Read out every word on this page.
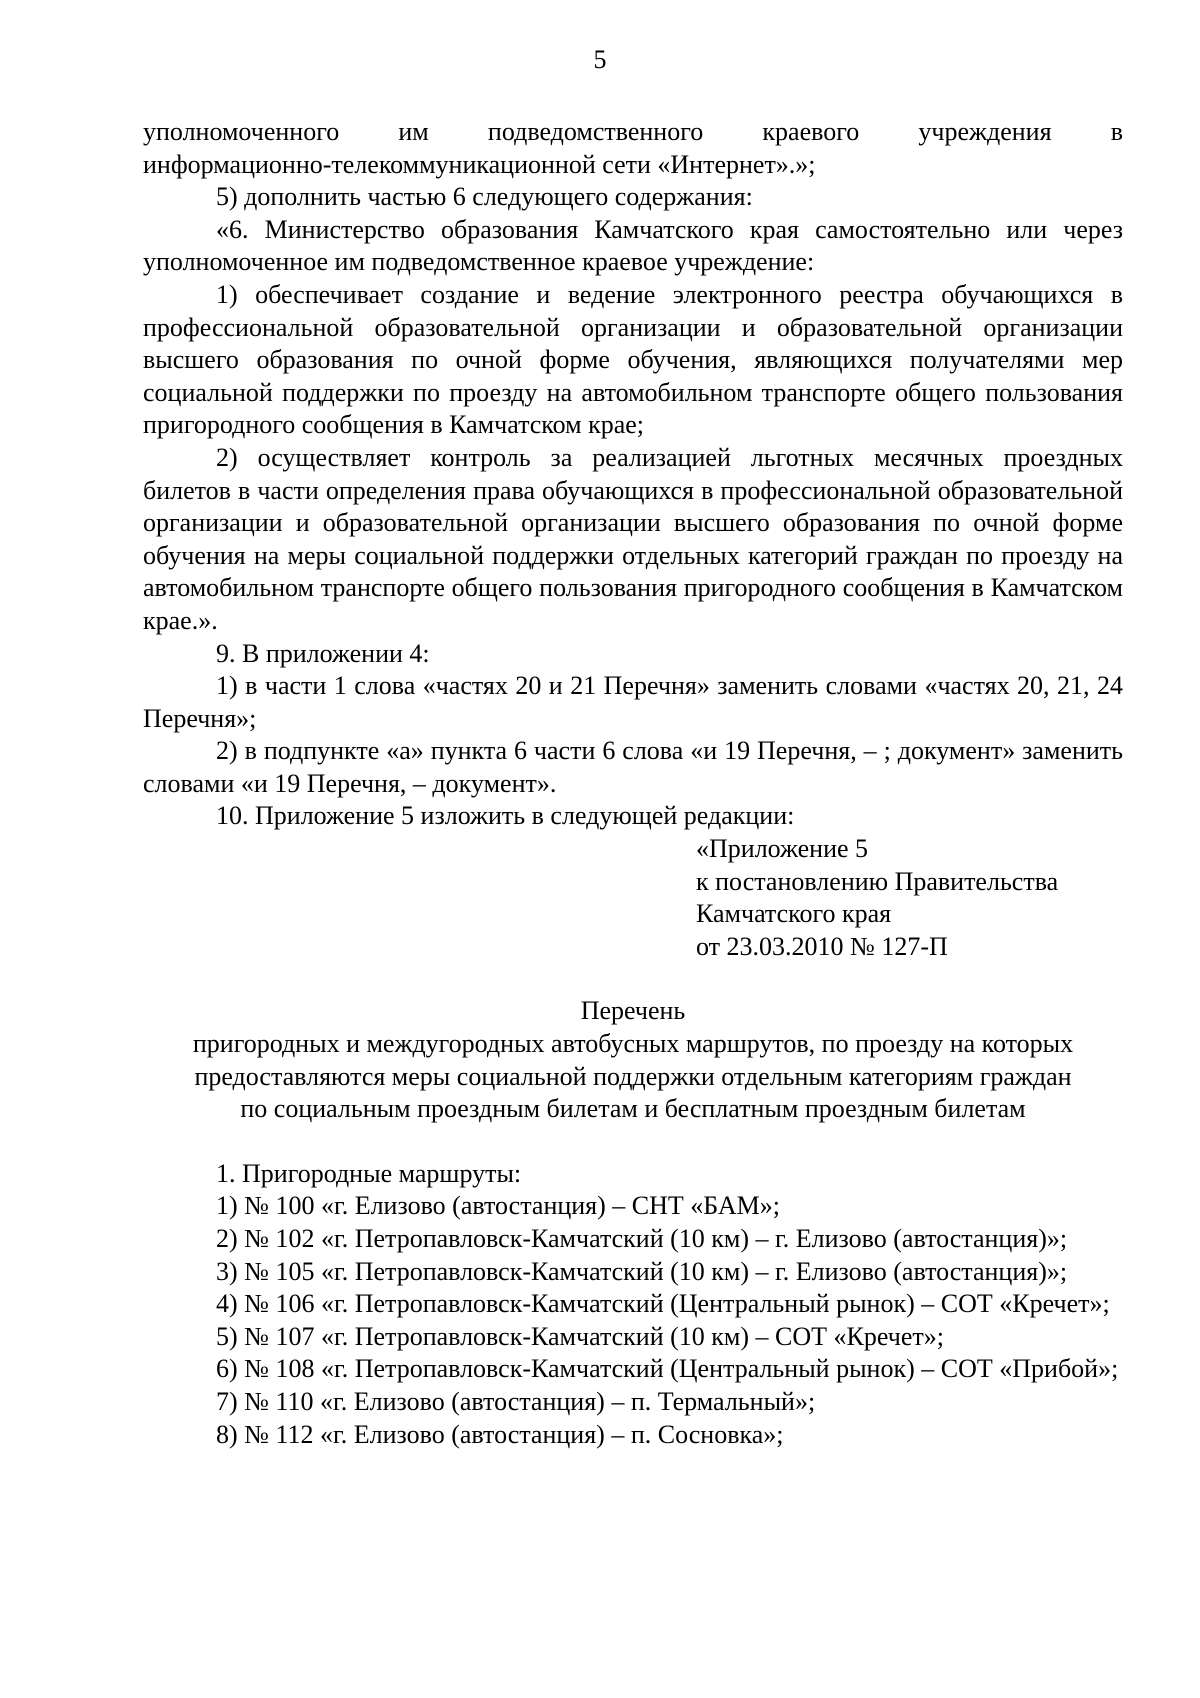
5

уполномоченного им подведомственного краевого учреждения в

информационно-телекоммуникационной сети «Интернет».»;

5) дополнить частью 6 следующего содержания:

«6. Министерство образования Камчатского края самостоятельно или через уполномоченное им подведомственное краевое учреждение:

1) обеспечивает создание и ведение электронного реестра обучающихся в профессиональной образовательной организации и образовательной организации высшего образования по очной форме обучения, являющихся получателями мер социальной поддержки по проезду на автомобильном транспорте общего пользования пригородного сообщения в Камчатском крае;

2) осуществляет контроль за реализацией льготных месячных проездных билетов в части определения права обучающихся в профессиональной образовательной организации и образовательной организации высшего образования по очной форме обучения на меры социальной поддержки отдельных категорий граждан по проезду на автомобильном транспорте общего пользования пригородного сообщения в Камчатском крае.».

9. В приложении 4:

1) в части 1 слова «частях 20 и 21 Перечня» заменить словами «частях 20, 21, 24 Перечня»;

2) в подпункте «а» пункта 6 части 6 слова «и 19 Перечня, – ; документ» заменить словами «и 19 Перечня, – документ».

10. Приложение 5 изложить в следующей редакции:

«Приложение 5

к постановлению Правительства

Камчатского края

от 23.03.2010 № 127-П

Перечень

пригородных и междугородных автобусных маршрутов, по проезду на которых

предоставляются меры социальной поддержки отдельным категориям граждан

по социальным проездным билетам и бесплатным проездным билетам

1. Пригородные маршруты:

1) № 100 «г. Елизово (автостанция) – СНТ «БАМ»;

2) № 102 «г. Петропавловск-Камчатский (10 км) – г. Елизово (автостанция)»;

3) № 105 «г. Петропавловск-Камчатский (10 км) – г. Елизово (автостанция)»;

4) № 106 «г. Петропавловск-Камчатский (Центральный рынок) – СОТ «Кречет»;

5) № 107 «г. Петропавловск-Камчатский (10 км) – СОТ «Кречет»;

6) № 108 «г. Петропавловск-Камчатский (Центральный рынок) – СОТ «Прибой»;

7) № 110 «г. Елизово (автостанция) – п. Термальный»;

8) № 112 «г. Елизово (автостанция) – п. Сосновка»;
